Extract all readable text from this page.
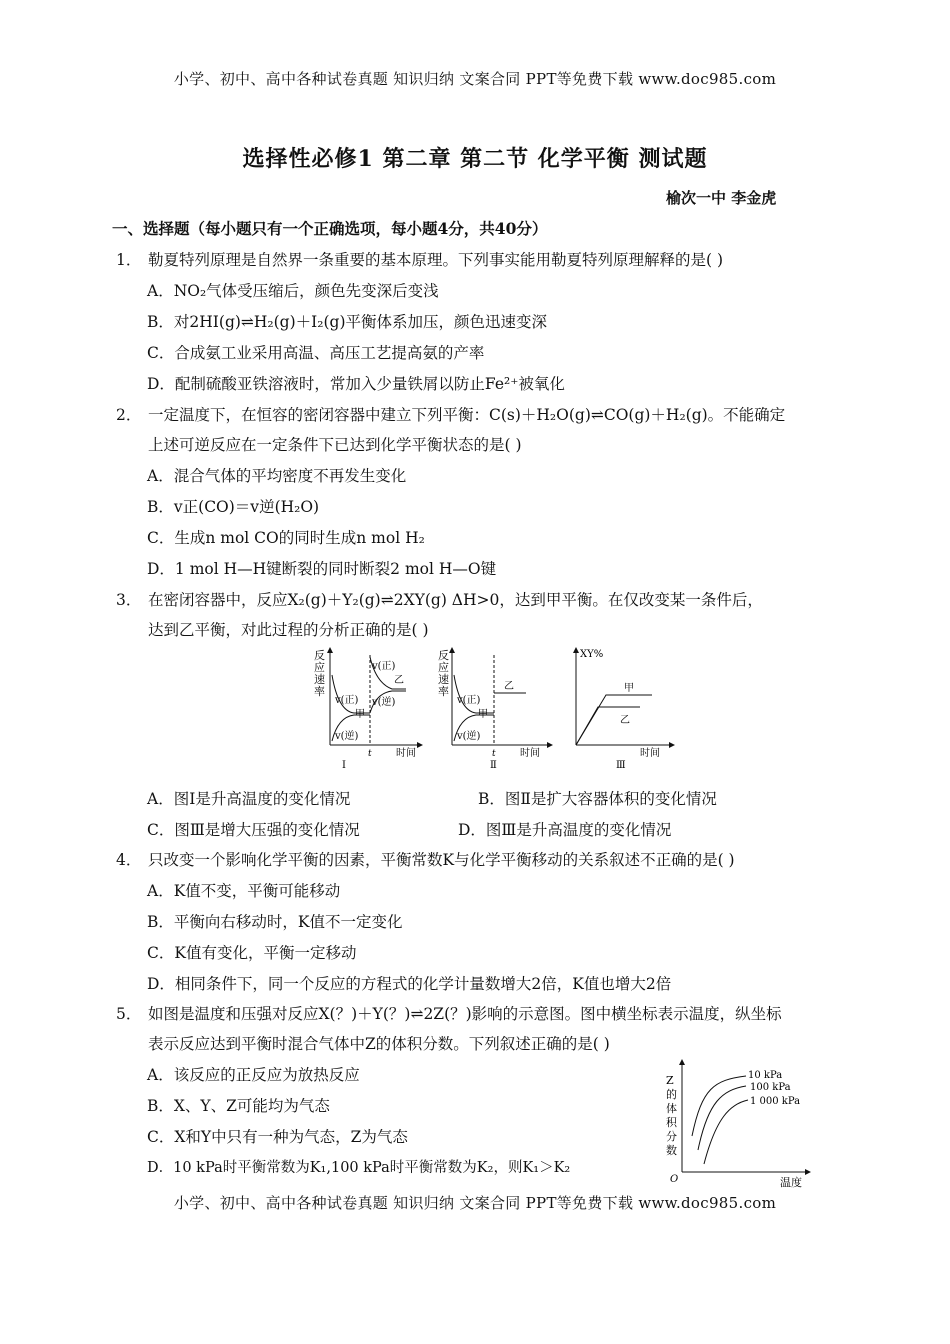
小学、初中、高中各种试卷真题 知识归纳 文案合同 PPT等免费下载 www.doc985.com
选择性必修1 第二章 第二节 化学平衡 测试题
榆次一中 李金虎
一、选择题（每小题只有一个正确选项，每小题4分，共40分）
1． 勒夏特列原理是自然界一条重要的基本原理。下列事实能用勒夏特列原理解释的是( )
A．NO₂气体受压缩后，颜色先变深后变浅
B．对2HI(g)⇌H₂(g)＋I₂(g)平衡体系加压，颜色迅速变深
C．合成氨工业采用高温、高压工艺提高氨的产率
D．配制硫酸亚铁溶液时，常加入少量铁屑以防止Fe²⁺被氧化
2． 一定温度下，在恒容的密闭容器中建立下列平衡：C(s)＋H₂O(g)⇌CO(g)＋H₂(g)。不能确定
上述可逆反应在一定条件下已达到化学平衡状态的是( )
A．混合气体的平均密度不再发生变化
B．v正(CO)＝v逆(H₂O)
C．生成n mol CO的同时生成n mol H₂
D．1 mol H—H键断裂的同时断裂2 mol H—O键
3． 在密闭容器中，反应X₂(g)＋Y₂(g)⇌2XY(g) ΔH>0，达到甲平衡。在仅改变某一条件后，
达到乙平衡，对此过程的分析正确的是( )
反
应
速
率
v(正)
v(逆)
甲
v(正)
v(逆)
乙
t 时间
Ⅰ
反
应
速
率
v(正)
v(逆)
甲
乙
t 时间
Ⅱ
XY%
甲
乙
时间
Ⅲ
A．图Ⅰ是升高温度的变化情况	B．图Ⅱ是扩大容器体积的变化情况
C．图Ⅲ是增大压强的变化情况	D．图Ⅲ是升高温度的变化情况
4． 只改变一个影响化学平衡的因素，平衡常数K与化学平衡移动的关系叙述不正确的是( )
A．K值不变，平衡可能移动
B．平衡向右移动时，K值不一定变化
C．K值有变化，平衡一定移动
D．相同条件下，同一个反应的方程式的化学计量数增大2倍，K值也增大2倍
5． 如图是温度和压强对反应X(？)＋Y(？)⇌2Z(？)影响的示意图。图中横坐标表示温度，纵坐标
表示反应达到平衡时混合气体中Z的体积分数。下列叙述正确的是( )
A．该反应的正反应为放热反应
B．X、Y、Z可能均为气态
C．X和Y中只有一种为气态，Z为气态
D．10 kPa时平衡常数为K₁,100 kPa时平衡常数为K₂，则K₁＞K₂
Z
的
体
积
分
数
10 kPa
100 kPa
1 000 kPa
O	温度
小学、初中、高中各种试卷真题 知识归纳 文案合同 PPT等免费下载 www.doc985.com
